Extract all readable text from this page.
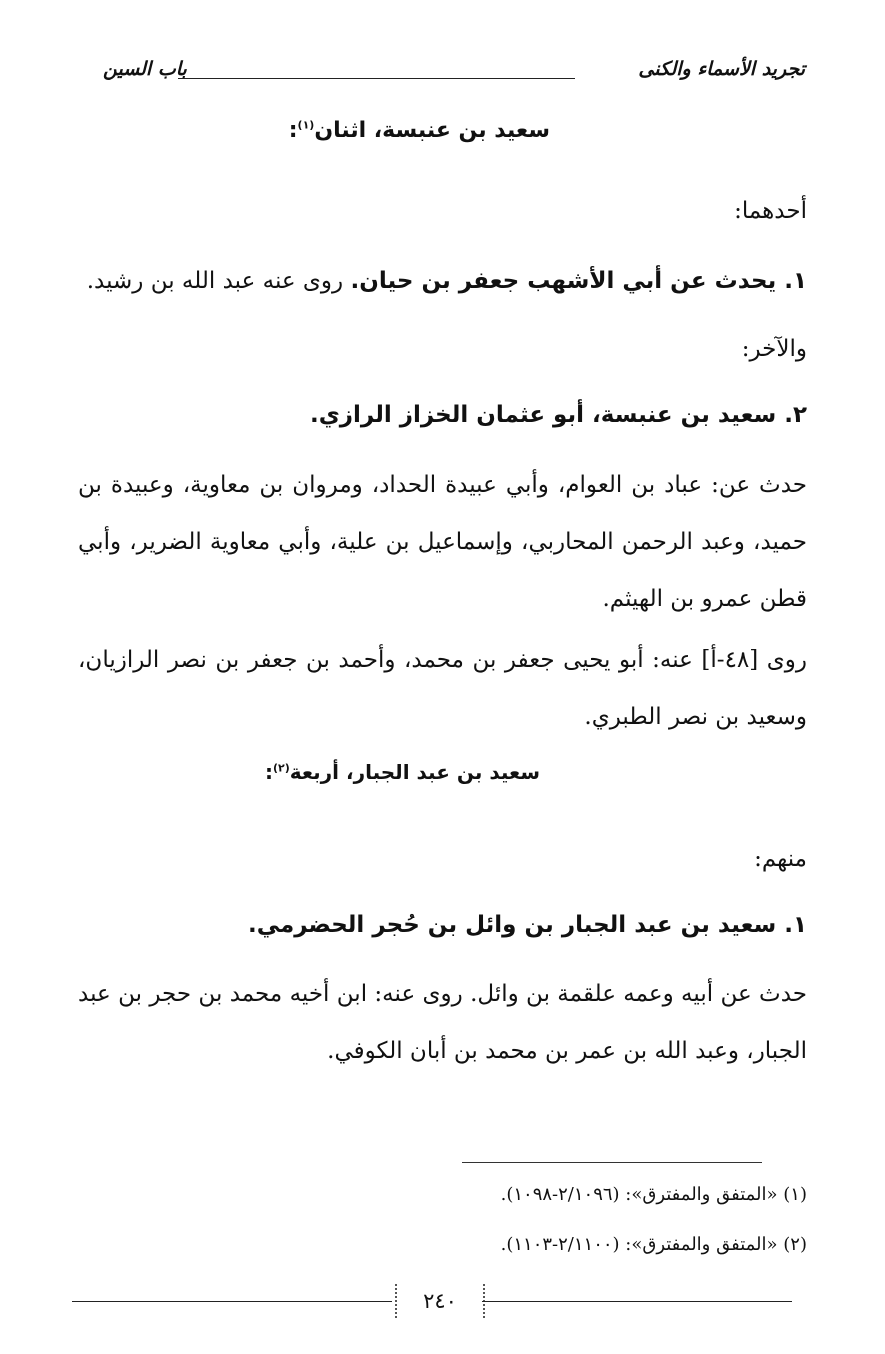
تجريد الأسماء والكنى
باب السين
سعيد بن عنبسة، اثنان$^{(١)}$:
أحدهما:
١. يحدث عن أبي الأشهب جعفر بن حيان. روى عنه عبد الله بن رشيد.
والآخر:
٢. سعيد بن عنبسة، أبو عثمان الخزاز الرازي.
حدث عن: عباد بن العوام، وأبي عبيدة الحداد، ومروان بن معاوية، وعبيدة بن حميد، وعبد الرحمن المحاربي، وإسماعيل بن علية، وأبي معاوية الضرير، وأبي قطن عمرو بن الهيثم.
روى [٤٨-أ] عنه: أبو يحيى جعفر بن محمد، وأحمد بن جعفر بن نصر الرازيان، وسعيد بن نصر الطبري.
سعيد بن عبد الجبار، أربعة$^{(٢)}$:
منهم:
١. سعيد بن عبد الجبار بن وائل بن حُجر الحضرمي.
حدث عن أبيه وعمه علقمة بن وائل. روى عنه: ابن أخيه محمد بن حجر بن عبد الجبار، وعبد الله بن عمر بن محمد بن أبان الكوفي.
(١) «المتفق والمفترق»: (٢/١٠٩٦-١٠٩٨).
(٢) «المتفق والمفترق»: (٢/١١٠٠-١١٠٣).
٢٤٠
